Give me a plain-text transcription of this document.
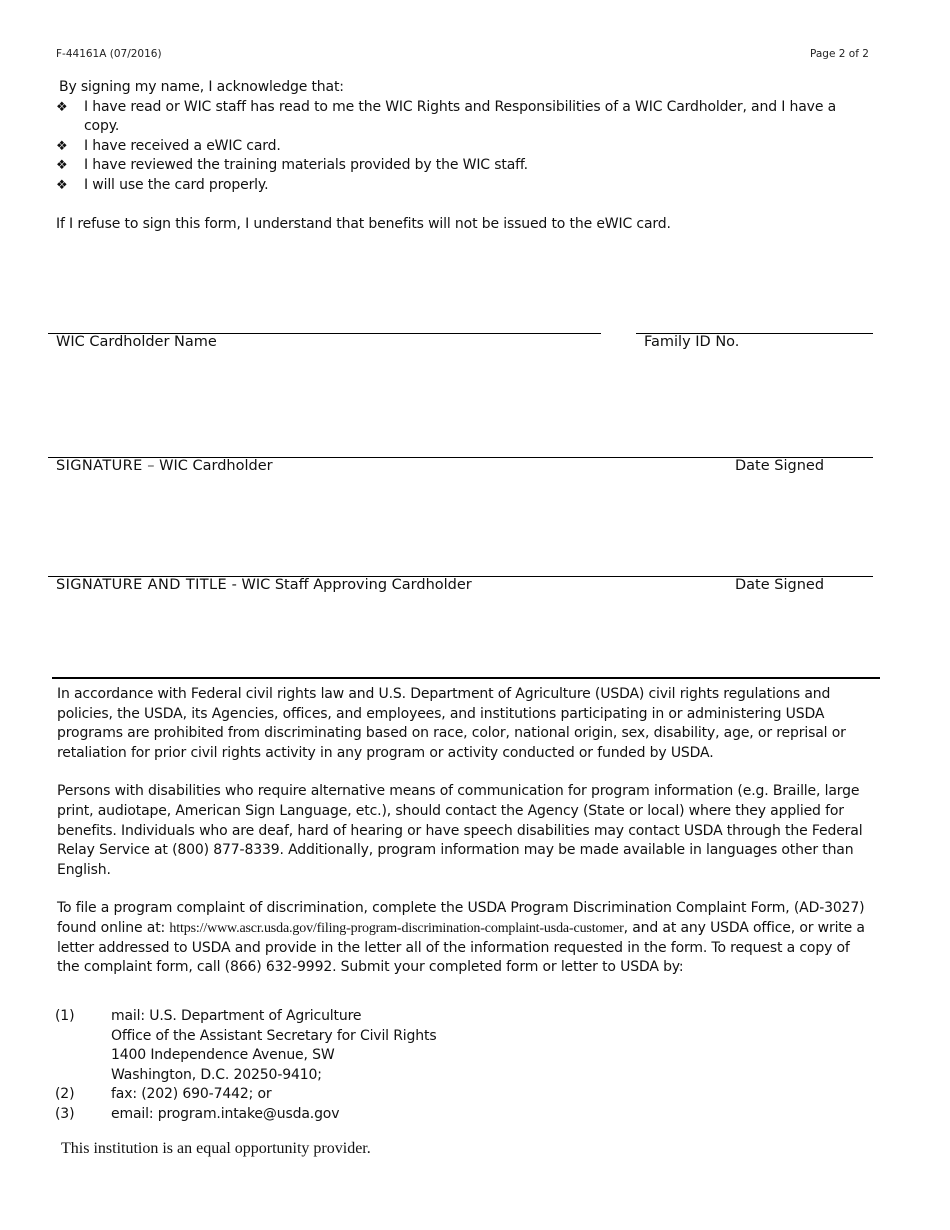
F-44161A (07/2016)	Page 2 of 2
By signing my name, I acknowledge that:
❖ I have read or WIC staff has read to me the WIC Rights and Responsibilities of a WIC Cardholder, and I have a copy.
❖ I have received a eWIC card.
❖ I have reviewed the training materials provided by the WIC staff.
❖ I will use the card properly.
If I refuse to sign this form, I understand that benefits will not be issued to the eWIC card.
WIC Cardholder Name	Family ID No.
SIGNATURE – WIC Cardholder	Date Signed
SIGNATURE AND TITLE - WIC Staff Approving Cardholder	Date Signed

In accordance with Federal civil rights law and U.S. Department of Agriculture (USDA) civil rights regulations and policies, the USDA, its Agencies, offices, and employees, and institutions participating in or administering USDA programs are prohibited from discriminating based on race, color, national origin, sex, disability, age, or reprisal or retaliation for prior civil rights activity in any program or activity conducted or funded by USDA.

Persons with disabilities who require alternative means of communication for program information (e.g. Braille, large print, audiotape, American Sign Language, etc.), should contact the Agency (State or local) where they applied for benefits. Individuals who are deaf, hard of hearing or have speech disabilities may contact USDA through the Federal Relay Service at (800) 877-8339. Additionally, program information may be made available in languages other than English.

To file a program complaint of discrimination, complete the USDA Program Discrimination Complaint Form, (AD-3027) found online at: https://www.ascr.usda.gov/filing-program-discrimination-complaint-usda-customer, and at any USDA office, or write a letter addressed to USDA and provide in the letter all of the information requested in the form. To request a copy of the complaint form, call (866) 632-9992. Submit your completed form or letter to USDA by:

(1)	mail: U.S. Department of Agriculture
Office of the Assistant Secretary for Civil Rights
1400 Independence Avenue, SW
Washington, D.C. 20250-9410;
(2)	fax: (202) 690-7442; or
(3)	email: program.intake@usda.gov
This institution is an equal opportunity provider.
